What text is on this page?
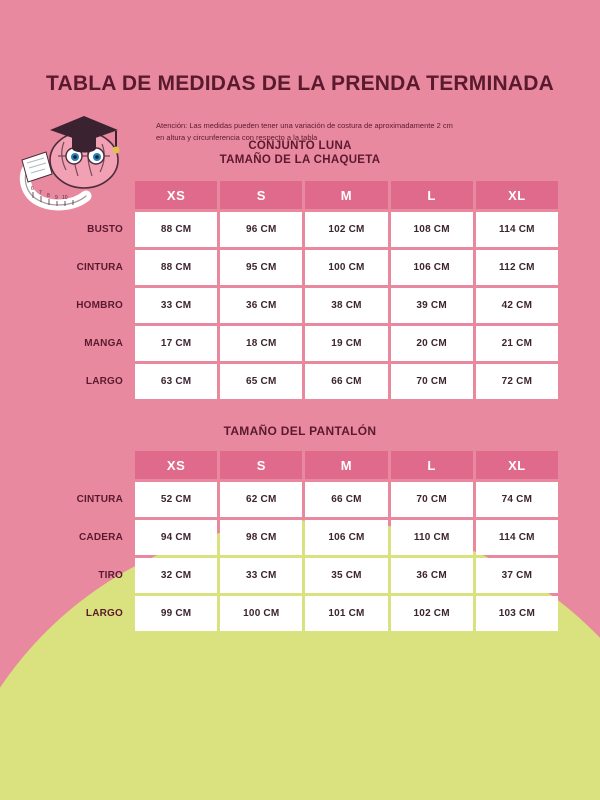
6
7 8 9 10
TABLA DE MEDIDAS DE LA PRENDA TERMINADA
Atención: Las medidas pueden tener una variación de costura de aproximadamente 2 cm en altura y circunferencia con respecto a la tabla
CONJUNTO LUNA
TAMAÑO DE LA CHAQUETA
	XS	S	M	L	XL
BUSTO	88 CM	96 CM	102 CM	108 CM	114 CM
CINTURA	88 CM	95 CM	100 CM	106 CM	112 CM
HOMBRO	33 CM	36 CM	38 CM	39 CM	42 CM
MANGA	17 CM	18 CM	19 CM	20 CM	21 CM
LARGO	63 CM	65 CM	66 CM	70 CM	72 CM
TAMAÑO DEL PANTALÓN
	XS	S	M	L	XL
CINTURA	52 CM	62 CM	66 CM	70 CM	74 CM
CADERA	94 CM	98 CM	106 CM	110 CM	114 CM
TIRO	32 CM	33 CM	35 CM	36 CM	37 CM
LARGO	99 CM	100 CM	101 CM	102 CM	103 CM
